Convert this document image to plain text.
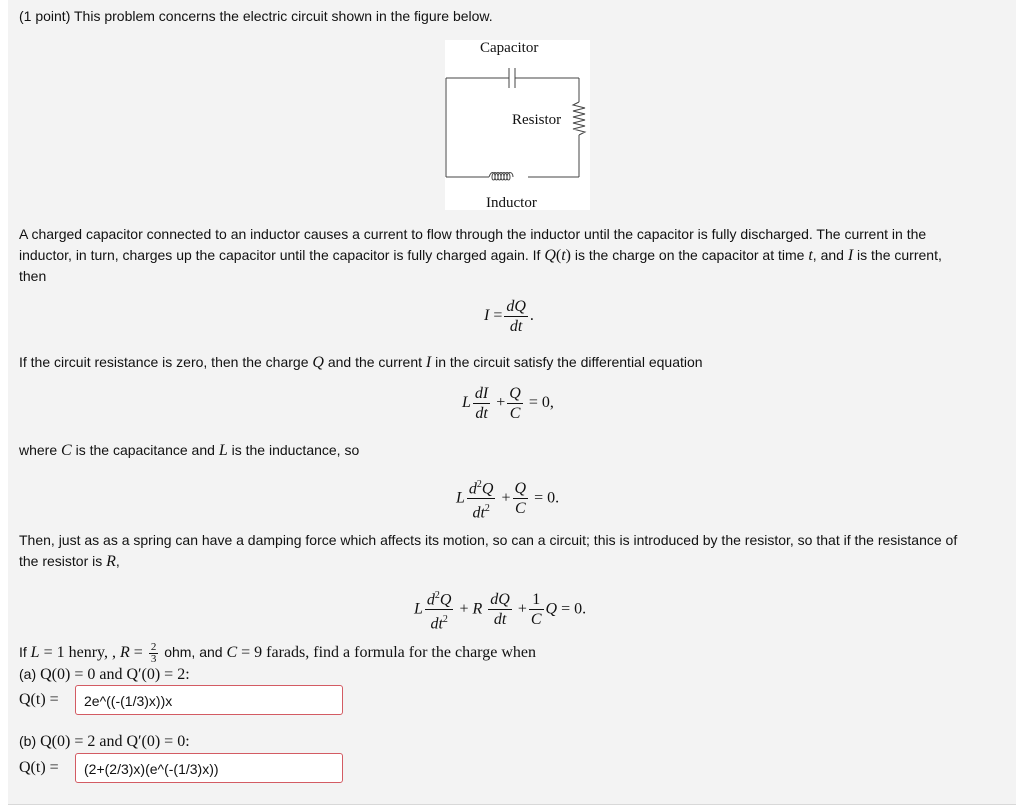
(1 point) This problem concerns the electric circuit shown in the figure below.
Capacitor
Resistor
Inductor
A charged capacitor connected to an inductor causes a current to flow through the inductor until the capacitor is fully discharged. The current in the
inductor, in turn, charges up the capacitor until the capacitor is fully charged again. If Q(t) is the charge on the capacitor at time t, and I is the current,
then
$I = \frac{dQ}{dt}$ .
If the circuit resistance is zero, then the charge Q and the current I in the circuit satisfy the differential equation
L $\frac{dI}{dt} + \frac{Q}{C} = 0$,
where C is the capacitance and L is the inductance, so
L $\frac{d^2Q}{dt^2} + \frac{Q}{C} = 0$.
Then, just as as a spring can have a damping force which affects its motion, so can a circuit; this is introduced by the resistor, so that if the resistance of
the resistor is R,
L $\frac{d^2Q}{dt^2} + R \frac{dQ}{dt} + \frac{1}{C}$ Q = 0.
If L = 1 henry, , $R = \frac{2}{3}$ ohm, and C = 9 farads, find a formula for the charge when
(a) Q(0) = 0 and Q′(0) = 2:
Q(t) =	2e^((-(1/3)x))x
(b) Q(0) = 2 and Q′(0) = 0:
Q(t) =	(2+(2/3)x)(e^(-(1/3)x))
